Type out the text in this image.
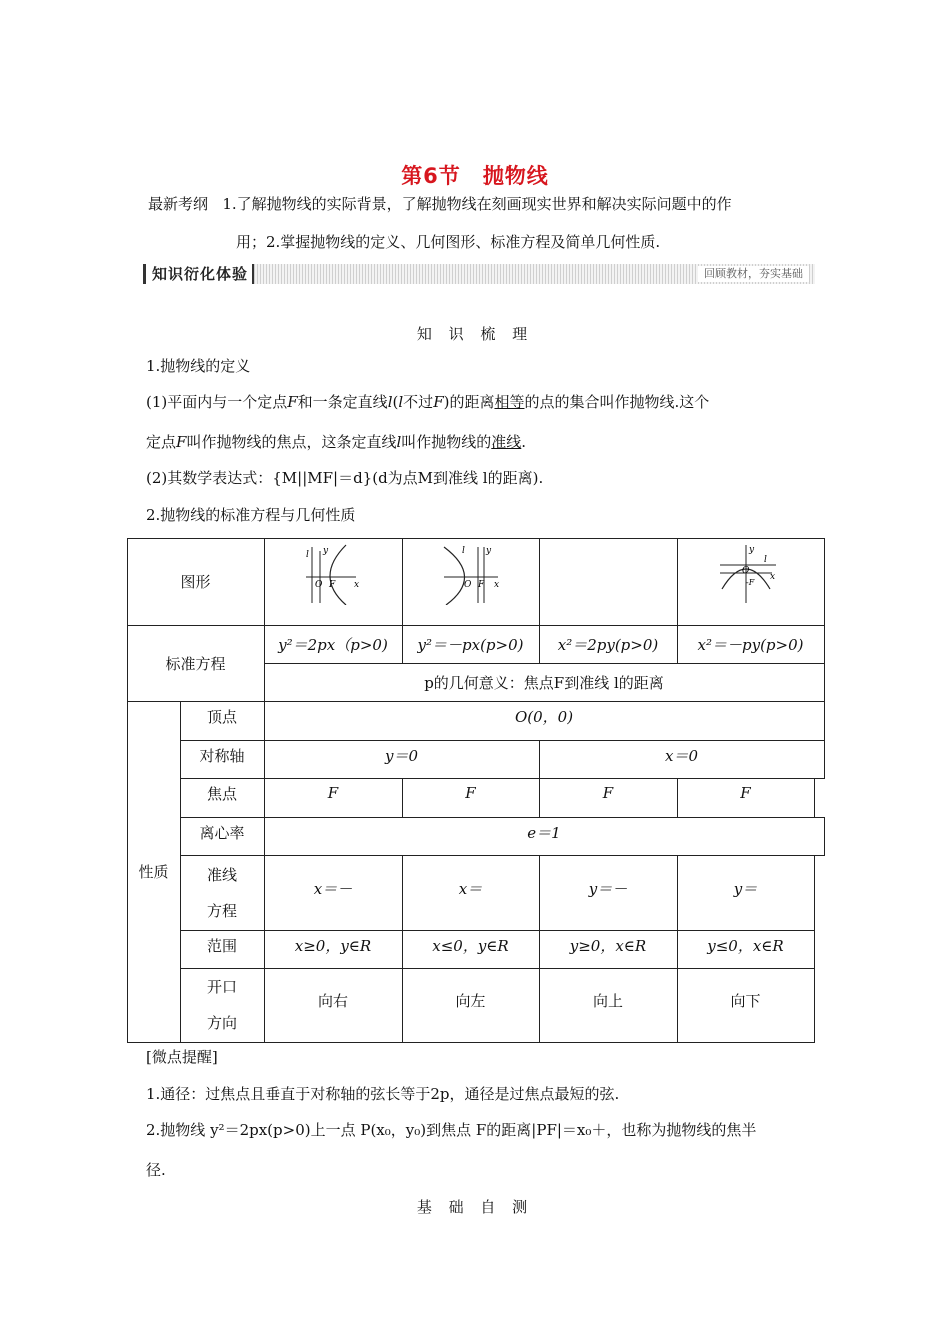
第6节 抛物线
最新考纲 1.了解抛物线的实际背景，了解抛物线在刻画现实世界和解决实际问题中的作
用；2.掌握抛物线的定义、几何图形、标准方程及简单几何性质.
知识衍化体验	回顾教材，夯实基础
知 识 梳 理
1.抛物线的定义
(1)平面内与一个定点F和一条定直线l(l不过F)的距离相等的点的集合叫作抛物线.这个
定点F叫作抛物线的焦点，这条定直线l叫作抛物线的准线.
(2)其数学表达式：{M||MF|＝d}(d为点M到准线 l的距离).
2.抛物线的标准方程与几何性质
图形
l y
O F x
l y
O F x
y
l
O
x
-F
标准方程
y²＝2px（p>0)	y²＝－px(p>0)	x²＝2py(p>0)	x²＝－py(p>0)
p的几何意义：焦点F到准线 l的距离
性质
顶点	O(0，0)
对称轴	y＝0	x＝0
焦点	F	F	F	F
离心率	e＝1
准线
方程
x＝－	x＝	y＝－	y＝
范围	x≥0，y∈R	x≤0，y∈R	y≥0，x∈R	y≤0，x∈R
开口
方向
向右	向左	向上	向下
[微点提醒]
1.通径：过焦点且垂直于对称轴的弦长等于2p，通径是过焦点最短的弦.
2.抛物线 y²＝2px(p>0)上一点 P(x₀，y₀)到焦点 F的距离|PF|＝x₀＋，也称为抛物线的焦半
径.
基 础 自 测
